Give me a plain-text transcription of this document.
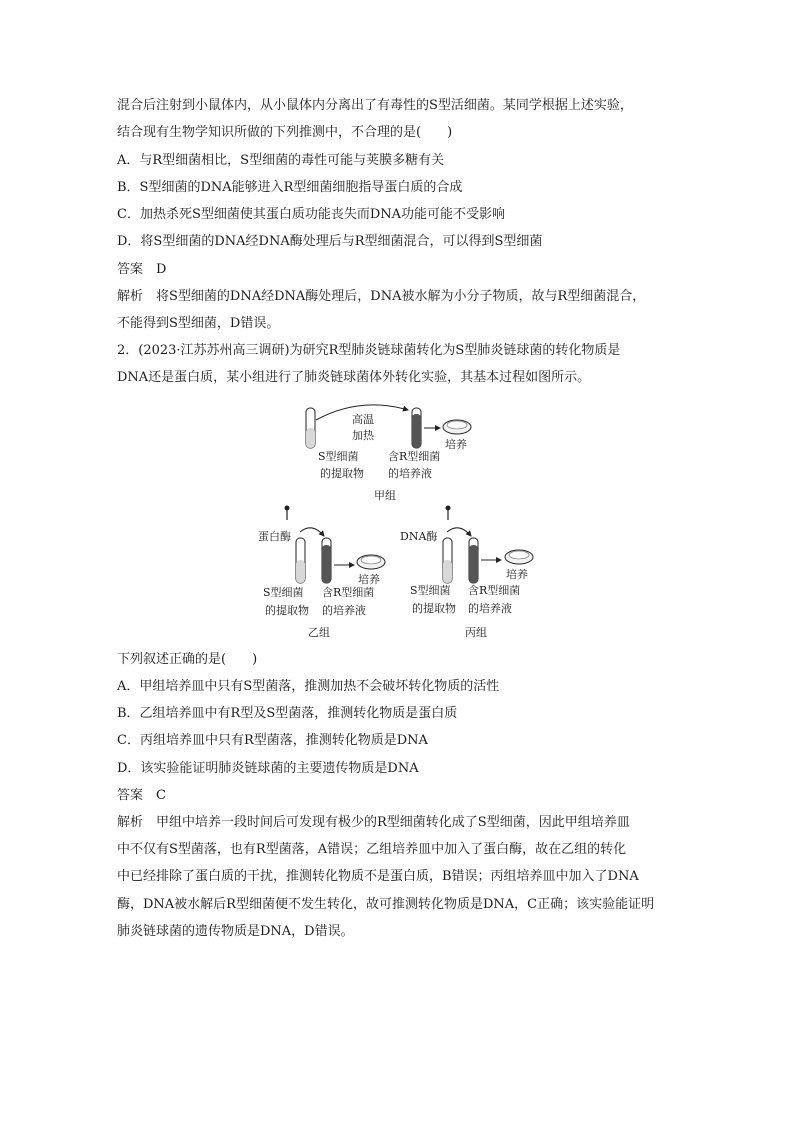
混合后注射到小鼠体内，从小鼠体内分离出了有毒性的S型活细菌。某同学根据上述实验，
结合现有生物学知识所做的下列推测中，不合理的是(　　)
A．与R型细菌相比，S型细菌的毒性可能与荚膜多糖有关
B．S型细菌的DNA能够进入R型细菌细胞指导蛋白质的合成
C．加热杀死S型细菌使其蛋白质功能丧失而DNA功能可能不受影响
D．将S型细菌的DNA经DNA酶处理后与R型细菌混合，可以得到S型细菌
答案　D
解析　将S型细菌的DNA经DNA酶处理后，DNA被水解为小分子物质，故与R型细菌混合，
不能得到S型细菌，D错误。
2．(2023·江苏苏州高三调研)为研究R型肺炎链球菌转化为S型肺炎链球菌的转化物质是
DNA还是蛋白质，某小组进行了肺炎链球菌体外转化实验，其基本过程如图所示。
高温
加热
培养
S型细菌
的提取物
含R型细菌
的培养液
甲组
蛋白酶
培养
S型细菌
的提取物
含R型细菌
的培养液
乙组
DNA酶
培养
S型细菌
的提取物
含R型细菌
的培养液
丙组
下列叙述正确的是(　　)
A．甲组培养皿中只有S型菌落，推测加热不会破坏转化物质的活性
B．乙组培养皿中有R型及S型菌落，推测转化物质是蛋白质
C．丙组培养皿中只有R型菌落，推测转化物质是DNA
D．该实验能证明肺炎链球菌的主要遗传物质是DNA
答案　C
解析　甲组中培养一段时间后可发现有极少的R型细菌转化成了S型细菌，因此甲组培养皿
中不仅有S型菌落，也有R型菌落，A错误；乙组培养皿中加入了蛋白酶，故在乙组的转化
中已经排除了蛋白质的干扰，推测转化物质不是蛋白质，B错误；丙组培养皿中加入了DNA
酶，DNA被水解后R型细菌便不发生转化，故可推测转化物质是DNA，C正确；该实验能证明
肺炎链球菌的遗传物质是DNA，D错误。
